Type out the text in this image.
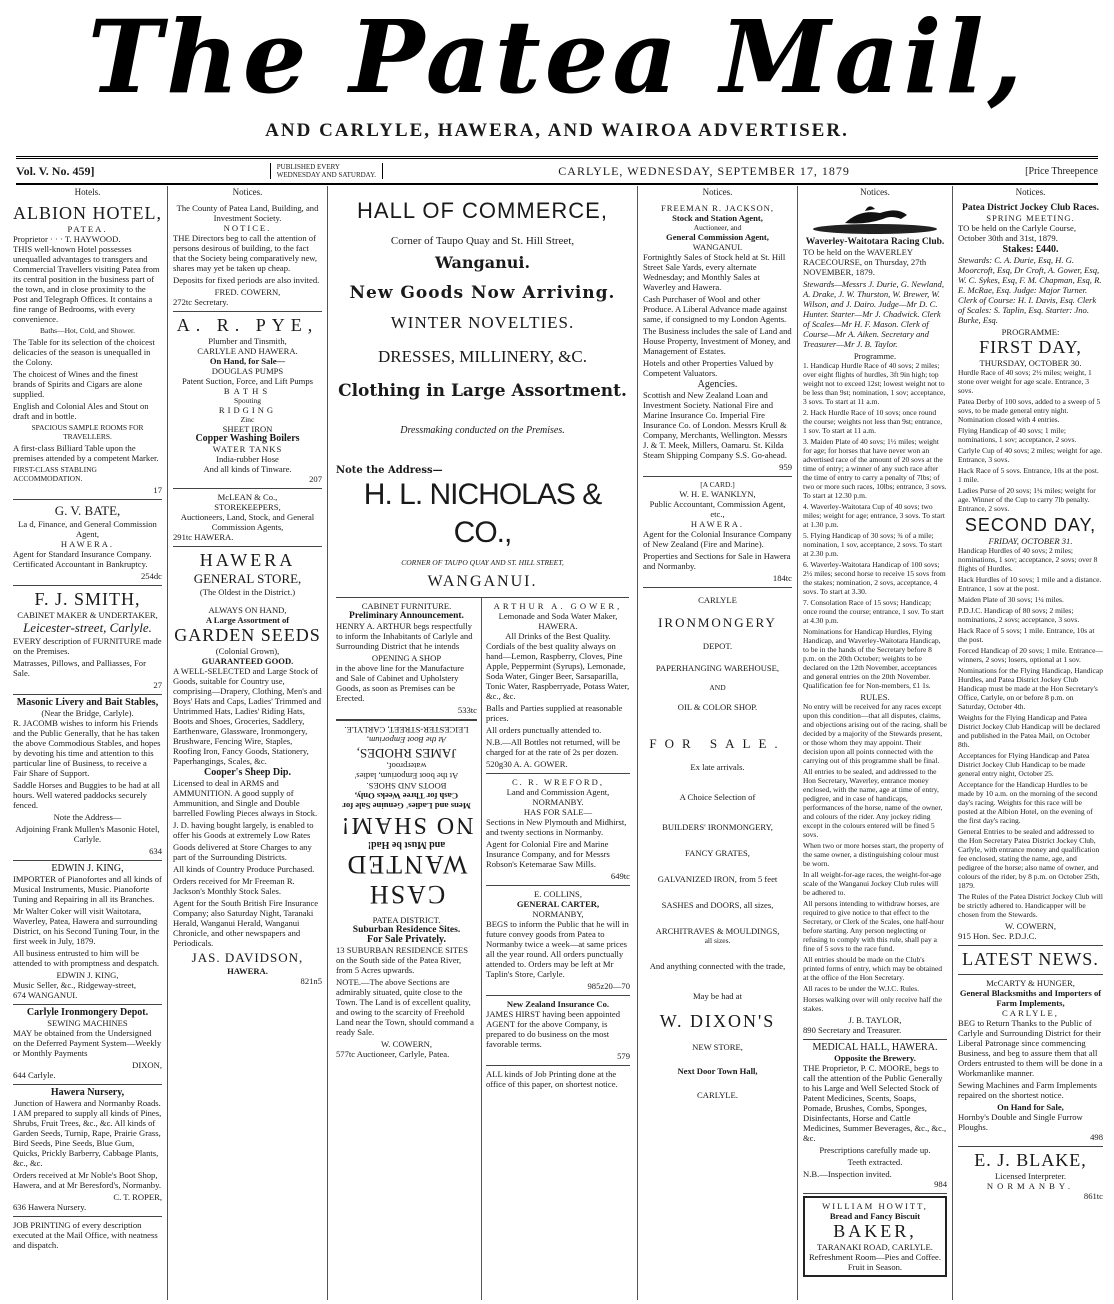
The Patea Mail,
AND CARLYLE, HAWERA, AND WAIROA ADVERTISER.
Vol. V. No. 459]	PUBLISHED EVERY
WEDNESDAY AND SATURDAY.	CARLYLE, WEDNESDAY, SEPTEMBER 17, 1879	[Price Threepence
Hotels.
ALBION HOTEL,
PATEA.
Proprietor · · · T. HAYWOOD.

THIS well-known Hotel possesses unequalled advantages to transgers and Commercial Travellers visiting Patea from its central position in the business part of the town, and in close proximity to the Post and Telegraph Offices. It contains a fine range of Bedrooms, with every convenience.

Baths—Hot, Cold, and Shower.

The Table for its selection of the choicest delicacies of the season is unequalled in the Colony.

The choicest of Wines and the finest brands of Spirits and Cigars are alone supplied.

English and Colonial Ales and Stout on draft and in bottle.

SPACIOUS SAMPLE ROOMS FOR TRAVELLERS.

A first-class Billiard Table upon the premises attended by a competent Marker.

FIRST-CLASS STABLING ACCOMMODATION.

17
G. V. BATE,
La d, Finance, and General Commission Agent,
HAWERA.

Agent for Standard Insurance Company. Certificated Accountant in Bankruptcy.

254dc
F. J. SMITH,
CABINET MAKER & UNDERTAKER,
Leicester-street, Carlyle.

EVERY description of FURNITURE made on the Premises.

Matrasses, Pillows, and Palliasses, For Sale.

27
Masonic Livery and Bait Stables,
(Near the Bridge, Carlyle).

R. JACOMB wishes to inform his Friends and the Public Generally, that he has taken the above Commodious Stables, and hopes by devoting his time and attention to this particular line of Business, to receive a Fair Share of Support.

Saddle Horses and Buggies to be had at all hours. Well watered paddocks securely fenced.

Note the Address—

Adjoining Frank Mullen's Masonic Hotel, Carlyle.

634
EDWIN J. KING,

IMPORTER of Pianofortes and all kinds of Musical Instruments, Music. Pianoforte Tuning and Repairing in all its Branches.

Mr Walter Coker will visit Waitotara, Waverley, Patea, Hawera and surrounding District, on his Second Tuning Tour, in the first week in July, 1879.

All business entrusted to him will be attended to with promptness and despatch.

EDWIN J. KING,
Music Seller, &c., Ridgeway-street,
674 WANGANUI.
Carlyle Ironmongery Depot.
SEWING MACHINES

MAY be obtained from the Undersigned on the Deferred Payment System—Weekly or Monthly Payments

DIXON,
644 Carlyle.
Hawera Nursery,
Junction of Hawera and Normanby Roads.

I AM prepared to supply all kinds of Pines, Shrubs, Fruit Trees, &c., &c. All kinds of Garden Seeds, Turnip, Rape, Prairie Grass, Bird Seeds, Pine Seeds, Blue Gum, Quicks, Prickly Barberry, Cabbage Plants, &c., &c.

Orders received at Mr Noble's Boot Shop, Hawera, and at Mr Beresford's, Normanby.

C. T. ROPER,
636 Hawera Nursery.

JOB PRINTING of every description executed at the Mail Office, with neatness and dispatch.

Notices.
The County of Patea Land, Building, and Investment Society.
NOTICE.

THE Directors beg to call the attention of persons desirous of building, to the fact that the Society being comparatively new, shares may yet be taken up cheap.

Deposits for fixed periods are also invited.

FRED. COWERN,
272tc Secretary.
A. R. PYE,
Plumber and Tinsmith,
CARLYLE AND HAWERA.
On Hand, for Sale—
DOUGLAS PUMPS
Patent Suction, Force, and Lift Pumps
BATHS
Spouting
RIDGING
Zinc
SHEET IRON
Copper Washing Boilers
WATER TANKS
India-rubber Hose
And all kinds of Tinware.
207
McLEAN & Co.,
STOREKEEPERS,
Auctioneers, Land, Stock, and General Commission Agents,
291tc HAWERA.
HAWERA
GENERAL STORE,
(The Oldest in the District.)
ALWAYS ON HAND,
A Large Assortment of
GARDEN SEEDS
(Colonial Grown),
GUARANTEED GOOD.

A WELL-SELECTED and Large Stock of Goods, suitable for Country use, comprising—Drapery, Clothing, Men's and Boys' Hats and Caps, Ladies' Trimmed and Untrimmed Hats, Ladies' Riding Hats, Boots and Shoes, Groceries, Saddlery, Earthenware, Glassware, Ironmongery, Brushware, Fencing Wire, Staples, Roofing Iron, Fancy Goods, Stationery, Paperhangings, Scales, &c.

Cooper's Sheep Dip.

Licensed to deal in ARMS and AMMUNITION. A good supply of Ammunition, and Single and Double barrelled Fowling Pieces always in Stock.

J. D. having bought largely, is enabled to offer his Goods at extremely Low Rates

Goods delivered at Store Charges to any part of the Surrounding Districts.

All kinds of Country Produce Purchased.

Orders received for Mr Freeman R. Jackson's Monthly Stock Sales.

Agent for the South British Fire Insurance Company; also Saturday Night, Taranaki Herald, Wanganui Herald, Wanganui Chronicle, and other newspapers and Periodicals.

JAS. DAVIDSON,
HAWERA.
821n5
HALL OF COMMERCE,
Corner of Taupo Quay and St. Hill Street,
Wanganui.
New Goods Now Arriving.
WINTER NOVELTIES.
DRESSES, MILLINERY, &C.
Clothing in Large Assortment.
Dressmaking conducted on the Premises.
Note the Address—
H. L. NICHOLAS & CO.,
CORNER OF TAUPO QUAY AND ST. HILL STREET,
WANGANUI.
CABINET FURNITURE.
Preliminary Announcement.

HENRY A. ARTHUR begs respectfully to inform the Inhabitants of Carlyle and Surrounding District that he intends

OPENING A SHOP

in the above line for the Manufacture and Sale of Cabinet and Upholstery Goods, as soon as Premises can be Erected.

533tc
CASH WANTED
and Must be Had!
NO SHAM!
Mens and Ladies' Genuine Sale for Cash for Three Weeks Only,
BOOTS AND SHOES.
At the boot Emporium, ladies' waterproof,
JAMES RHODES,
At the Boot Emporium,
LEICESTER-STREET, CARLYLE.
PATEA DISTRICT.
Suburban Residence Sites.
For Sale Privately.

13 SUBURBAN RESIDENCE SITES on the South side of the Patea River, from 5 Acres upwards.

NOTE.—The above Sections are admirably situated, quite close to the Town. The Land is of excellent quality, and owing to the scarcity of Freehold Land near the Town, should command a ready Sale.

W. COWERN,
577tc Auctioneer, Carlyle, Patea.
ARTHUR A. GOWER,
Lemonade and Soda Water Maker,
HAWERA.
All Drinks of the Best Quality.

Cordials of the best quality always on hand—Lemon, Raspberry, Cloves, Pine Apple, Peppermint (Syrups), Lemonade, Soda Water, Ginger Beer, Sarsaparilla, Tonic Water, Raspberryade, Potass Water, &c., &c.

Balls and Parties supplied at reasonable prices.

All orders punctually attended to.

N.B.—All Bottles not returned, will be charged for at the rate of 2s per dozen.

520g30 A. A. GOWER.
C. R. WREFORD,
Land and Commission Agent,
NORMANBY.
HAS FOR SALE—

Sections in New Plymouth and Midhirst, and twenty sections in Normanby.

Agent for Colonial Fire and Marine Insurance Company, and for Messrs Robson's Ketemarae Saw Mills.

649tc
E. COLLINS,
GENERAL CARTER,
NORMANBY,

BEGS to inform the Public that he will in future convey goods from Patea to Normanby twice a week—at same prices all the year round. All orders punctually attended to. Orders may be left at Mr Taplin's Store, Carlyle.

985z20—70
New Zealand Insurance Co.

JAMES HIRST having been appointed AGENT for the above Company, is prepared to do business on the most favorable terms.

579

ALL kinds of Job Printing done at the office of this paper, on shortest notice.

Notices.
FREEMAN R. JACKSON,
Stock and Station Agent,
Auctioneer, and
General Commission Agent,
WANGANUI.

Fortnightly Sales of Stock held at St. Hill Street Sale Yards, every alternate Wednesday; and Monthly Sales at Waverley and Hawera.

Cash Purchaser of Wool and other Produce. A Liberal Advance made against same, if consigned to my London Agents.

The Business includes the sale of Land and House Property, Investment of Money, and Management of Estates.

Hotels and other Properties Valued by Competent Valuators.

Agencies.

Scottish and New Zealand Loan and Investment Society. National Fire and Marine Insurance Co. Imperial Fire Insurance Co. of London. Messrs Krull & Company, Merchants, Wellington. Messrs J. & T. Meek, Millers, Oamaru. St. Kilda Steam Shipping Company S.S. Go-ahead.

959
[A CARD.]
W. H. E. WANKLYN,
Public Accountant, Commission Agent, etc.,
HAWERA.

Agent for the Colonial Insurance Company of New Zealand (Fire and Marine).

Properties and Sections for Sale in Hawera and Normanby.

184tc
CARLYLE
IRONMONGERY
DEPOT.
PAPERHANGING WAREHOUSE,
AND
OIL & COLOR SHOP.
FOR SALE.
Ex late arrivals.
A Choice Selection of
BUILDERS' IRONMONGERY,
FANCY GRATES,
GALVANIZED IRON, from 5 feet
SASHES and DOORS, all sizes,
ARCHITRAVES & MOULDINGS,
all sizes.
And anything connected with the trade,
May be had at
W. DIXON'S
NEW STORE,
Next Door Town Hall,
CARLYLE.
Notices.
Waverley-Waitotara Racing Club.

TO be held on the WAVERLEY RACECOURSE, on Thursday, 27th NOVEMBER, 1879.

Stewards—Messrs J. Durie, G. Newland, A. Drake, J. W. Thurston, W. Brewer, W. Wilson, and J. Dairo. Judge—Mr D. C. Hunter. Starter—Mr J. Chadwick. Clerk of Scales—Mr H. F. Mason. Clerk of Course—Mr A. Aiken. Secretary and Treasurer—Mr J. B. Taylor.

Programme.

1. Handicap Hurdle Race of 40 sovs; 2 miles; over eight flights of hurdles, 3ft 9in high; top weight not to exceed 12st; lowest weight not to be less than 9st; nomination, 1 sov; acceptance, 3 sovs. To start at 11 a.m.

2. Hack Hurdle Race of 10 sovs; once round the course; weights not less than 9st; entrance, 1 sov. To start at 11 a.m.

3. Maiden Plate of 40 sovs; 1½ miles; weight for age; for horses that have never won an advertised race of the amount of 20 sovs at the time of entry; a winner of any such race after the time of entry to carry a penalty of 7lbs; of two or more such races, 10lbs; entrance, 3 sovs. To start at 12.30 p.m.

4. Waverley-Waitotara Cup of 40 sovs; two miles; weight for age; entrance, 3 sovs. To start at 1.30 p.m.

5. Flying Handicap of 30 sovs; ¾ of a mile; nomination, 1 sov, acceptance, 2 sovs. To start at 2.30 p.m.

6. Waverley-Waitotara Handicap of 100 sovs; 2½ miles; second horse to receive 15 sovs from the stakes; nomination, 2 sovs, acceptance, 4 sovs. To start at 3.30.

7. Consolation Race of 15 sovs; Handicap; once round the course; entrance, 1 sov. To start at 4.30 p.m.

Nominations for Handicap Hurdles, Flying Handicap, and Waverley-Waitotara Handicap, to be in the hands of the Secretary before 8 p.m. on the 20th October; weights to be declared on the 12th November, acceptances and general entries on the 20th November. Qualification fee for Non-members, £1 1s.

RULES.

No entry will be received for any races except upon this condition—that all disputes, claims, and objections arising out of the racing, shall be decided by a majority of the Stewards present, or those whom they may appoint. Their decision upon all points connected with the carrying out of this programme shall be final.

All entries to be sealed, and addressed to the Hon Secretary, Waverley, entrance money enclosed, with the name, age at time of entry, pedigree, and in case of handicaps, performances of the horse, name of the owner, and colours of the rider. Any jockey riding except in the colours entered will be fined 5 sovs.

When two or more horses start, the property of the same owner, a distinguishing colour must be worn.

In all weight-for-age races, the weight-for-age scale of the Wanganui Jockey Club rules will be adhered to.

All persons intending to withdraw horses, are required to give notice to that effect to the Secretary, or Clerk of the Scales, one half-hour before starting. Any person neglecting or refusing to comply with this rule, shall pay a fine of 5 sovs to the race fund.

All entries should be made on the Club's printed forms of entry, which may be obtained at the office of the Hon Secretary.

All races to be under the W.J.C. Rules.

Horses walking over will only receive half the stakes.

J. B. TAYLOR,
890 Secretary and Treasurer.
MEDICAL HALL, HAWERA.
Opposite the Brewery.

THE Proprietor, P. C. MOORE, begs to call the attention of the Public Generally to his Large and Well Selected Stock of Patent Medicines, Scents, Soaps, Pomade, Brushes, Combs, Sponges, Disinfectants, Horse and Cattle Medicines, Summer Beverages, &c., &c., &c.

Prescriptions carefully made up.

Teeth extracted.

N.B.—Inspection invited.
984
WILLIAM HOWITT,
Bread and Fancy Biscuit
BAKER,
TARANAKI ROAD, CARLYLE.
Refreshment Room—Pies and Coffee.
Fruit in Season.
Notices.
Patea District Jockey Club Races.
SPRING MEETING.

TO be held on the Carlyle Course, October 30th and 31st, 1879.

Stakes: £440.

Stewards: C. A. Durie, Esq, H. G. Moorcroft, Esq, Dr Croft, A. Gower, Esq, W. C. Sykes, Esq, F. M. Chapman, Esq, R. E. McRae, Esq. Judge: Major Turner. Clerk of Course: H. I. Davis, Esq. Clerk of Scales: S. Taplin, Esq. Starter: Jno. Burke, Esq.

PROGRAMME:
FIRST DAY,
THURSDAY, OCTOBER 30.

Hurdle Race of 40 sovs; 2½ miles; weight, 1 stone over weight for age scale. Entrance, 3 sovs.

Patea Derby of 100 sovs, added to a sweep of 5 sovs, to be made general entry night. Nomination closed with 4 entries.

Flying Handicap of 40 sovs; 1 mile; nominations, 1 sov; acceptance, 2 sovs.

Carlyle Cup of 40 sovs; 2 miles; weight for age. Entrance, 3 sovs.

Hack Race of 5 sovs. Entrance, 10s at the post. 1 mile.

Ladies Purse of 20 sovs; 1¼ miles; weight for age. Winner of the Cup to carry 7lb penalty. Entrance, 2 sovs.

SECOND DAY,
FRIDAY, OCTOBER 31.

Handicap Hurdles of 40 sovs; 2 miles; nominations, 1 sov; acceptance, 2 sovs; over 8 flights of Hurdles.

Hack Hurdles of 10 sovs; 1 mile and a distance. Entrance, 1 sov at the post.

Maiden Plate of 30 sovs; 1¼ miles.

P.D.J.C. Handicap of 80 sovs; 2 miles; nominations, 2 sovs; acceptance, 3 sovs.

Hack Race of 5 sovs; 1 mile. Entrance, 10s at the post.

Forced Handicap of 20 sovs; 1 mile. Entrance—winners, 2 sovs; losers, optional at 1 sov.

Nominations for the Flying Handicap, Handicap Hurdles, and Patea District Jockey Club Handicap must be made at the Hon Secretary's Office, Carlyle, on or before 8 p.m. on Saturday, October 4th.

Weights for the Flying Handicap and Patea District Jockey Club Handicap will be declared and published in the Patea Mail, on October 8th.

Acceptances for Flying Handicap and Patea District Jockey Club Handicap to be made general entry night, October 25.

Acceptance for the Handicap Hurdles to be made by 10 a.m. on the morning of the second day's racing. Weights for this race will be posted at the Albion Hotel, on the evening of the first day's racing.

General Entries to be sealed and addressed to the Hon Secretary Patea District Jockey Club, Carlyle, with entrance money and qualification fee enclosed, stating the name, age, and pedigree of the horse; also name of owner, and colours of the rider, by 8 p.m. on October 25th, 1879.

The Rules of the Patea District Jockey Club will be strictly adhered to. Handicapper will be chosen from the Stewards.

W. COWERN,
915 Hon. Sec. P.D.J.C.
LATEST NEWS.
McCARTY & HUNGER,
General Blacksmiths and Importers of Farm Implements,
CARLYLE,

BEG to Return Thanks to the Public of Carlyle and Surrounding District for their Liberal Patronage since commencing Business, and beg to assure them that all Orders entrusted to them will be done in a Workmanlike manner.

Sewing Machines and Farm Implements repaired on the shortest notice.

On Hand for Sale,
Hornby's Double and Single Furrow Ploughs.
498
E. J. BLAKE,
Licensed Interpreter.
NORMANBY.
861tc
